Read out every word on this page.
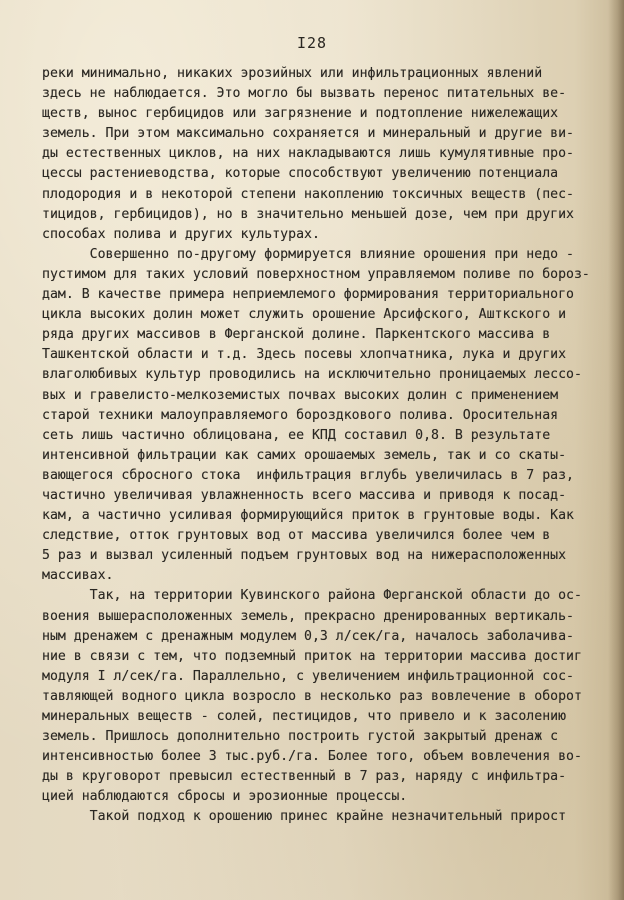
I28
реки минимально, никаких эрозийных или инфильтрационных явлений
здесь не наблюдается. Это могло бы вызвать перенос питательных ве-
ществ, вынос гербицидов или загрязнение и подтопление нижележащих
земель. При этом максимально сохраняется и минеральный и другие ви-
ды естественных циклов, на них накладываются лишь кумулятивные про-
цессы растениеводства, которые способствуют увеличению потенциала
плодородия и в некоторой степени накоплению токсичных веществ (пес-
тицидов, гербицидов), но в значительно меньшей дозе, чем при других
способах полива и других культурах.
Совершенно по-другому формируется влияние орошения при недо -
пустимом для таких условий поверхностном управляемом поливе по бороз-
дам. В качестве примера неприемлемого формирования территориального
цикла высоких долин может служить орошение Арсифского, Ашткского и
ряда других массивов в Ферганской долине. Паркентского массива в
Ташкентской области и т.д. Здесь посевы хлопчатника, лука и других
влаголюбивых культур проводились на исключительно проницаемых лессо-
вых и гравелисто-мелкоземистых почвах высоких долин с применением
старой техники малоуправляемого бороздкового полива. Оросительная
сеть лишь частично облицована, ее КПД составил 0,8. В результате
интенсивной фильтрации как самих орошаемых земель, так и со скаты-
вающегося сбросного стока  инфильтрация вглубь увеличилась в 7 раз,
частично увеличивая увлажненность всего массива и приводя к посад-
кам, а частично усиливая формирующийся приток в грунтовые воды. Как
следствие, отток грунтовых вод от массива увеличился более чем в
5 раз и вызвал усиленный подъем грунтовых вод на нижерасположенных
массивах.
Так, на территории Кувинского района Ферганской области до ос-
воения вышерасположенных земель, прекрасно дренированных вертикаль-
ным дренажем с дренажным модулем 0,3 л/сек/га, началось заболачива-
ние в связи с тем, что подземный приток на территории массива достиг
модуля I л/сек/га. Параллельно, с увеличением инфильтрационной сос-
тавляющей водного цикла возросло в несколько раз вовлечение в оборот
минеральных веществ - солей, пестицидов, что привело и к засолению
земель. Пришлось дополнительно построить густой закрытый дренаж с
интенсивностью более 3 тыс.руб./га. Более того, объем вовлечения во-
ды в круговорот превысил естественный в 7 раз, наряду с инфильтра-
цией наблюдаются сбросы и эрозионные процессы.
Такой подход к орошению принес крайне незначительный прирост
